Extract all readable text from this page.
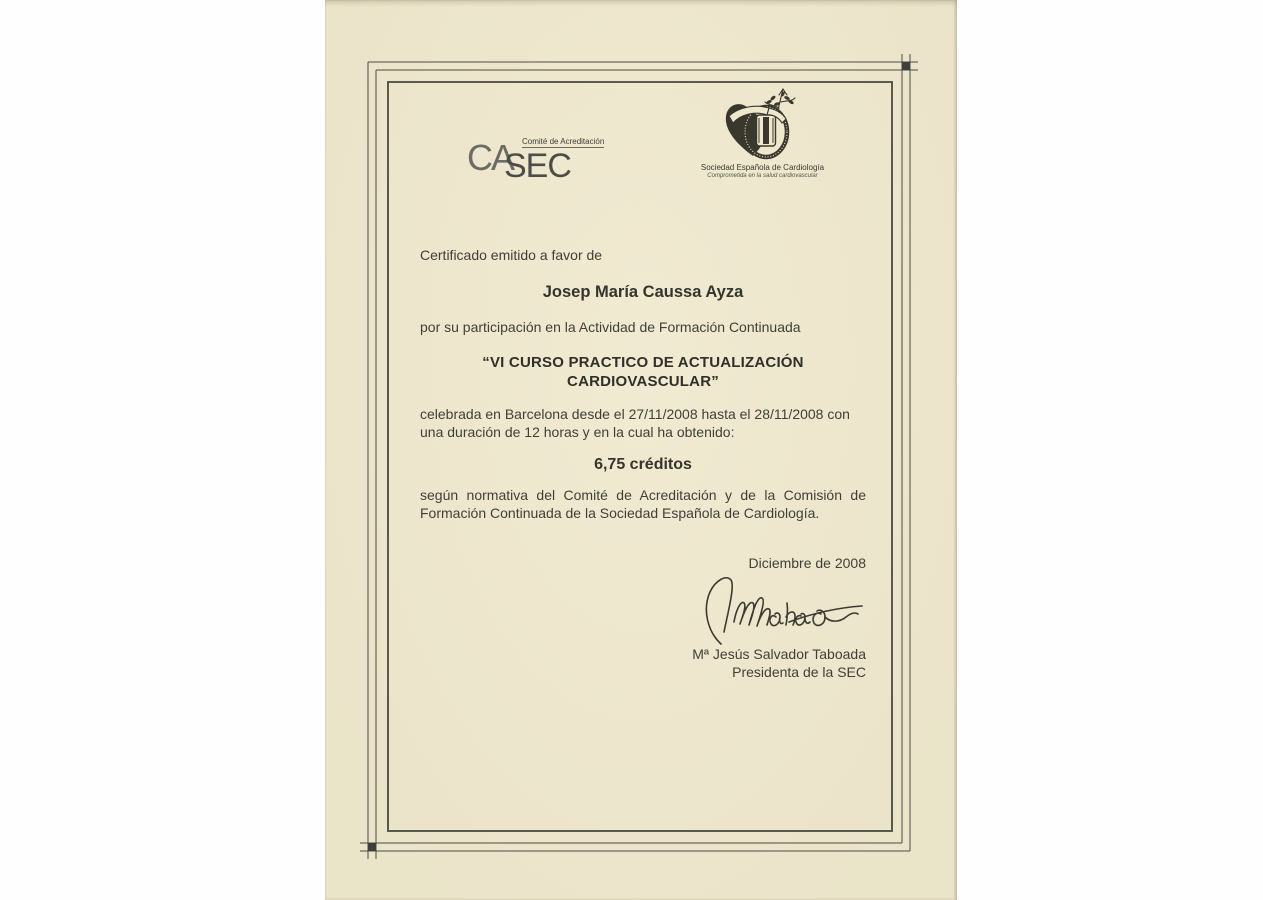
CA Comité de Acreditación
SEC	Sociedad Española de Cardiología
Comprometida en la salud cardiovascular
Certificado emitido a favor de
Josep María Caussa Ayza
por su participación en la Actividad de Formación Continuada
“VI CURSO PRACTICO DE ACTUALIZACIÓN
CARDIOVASCULAR”
celebrada en Barcelona desde el 27/11/2008 hasta el 28/11/2008 con
una duración de 12 horas y en la cual ha obtenido:
6,75 créditos
según normativa del Comité de Acreditación y de la Comisión de
Formación Continuada de la Sociedad Española de Cardiología.
Diciembre de 2008
Mª Jesús Salvador Taboada
Presidenta de la SEC
